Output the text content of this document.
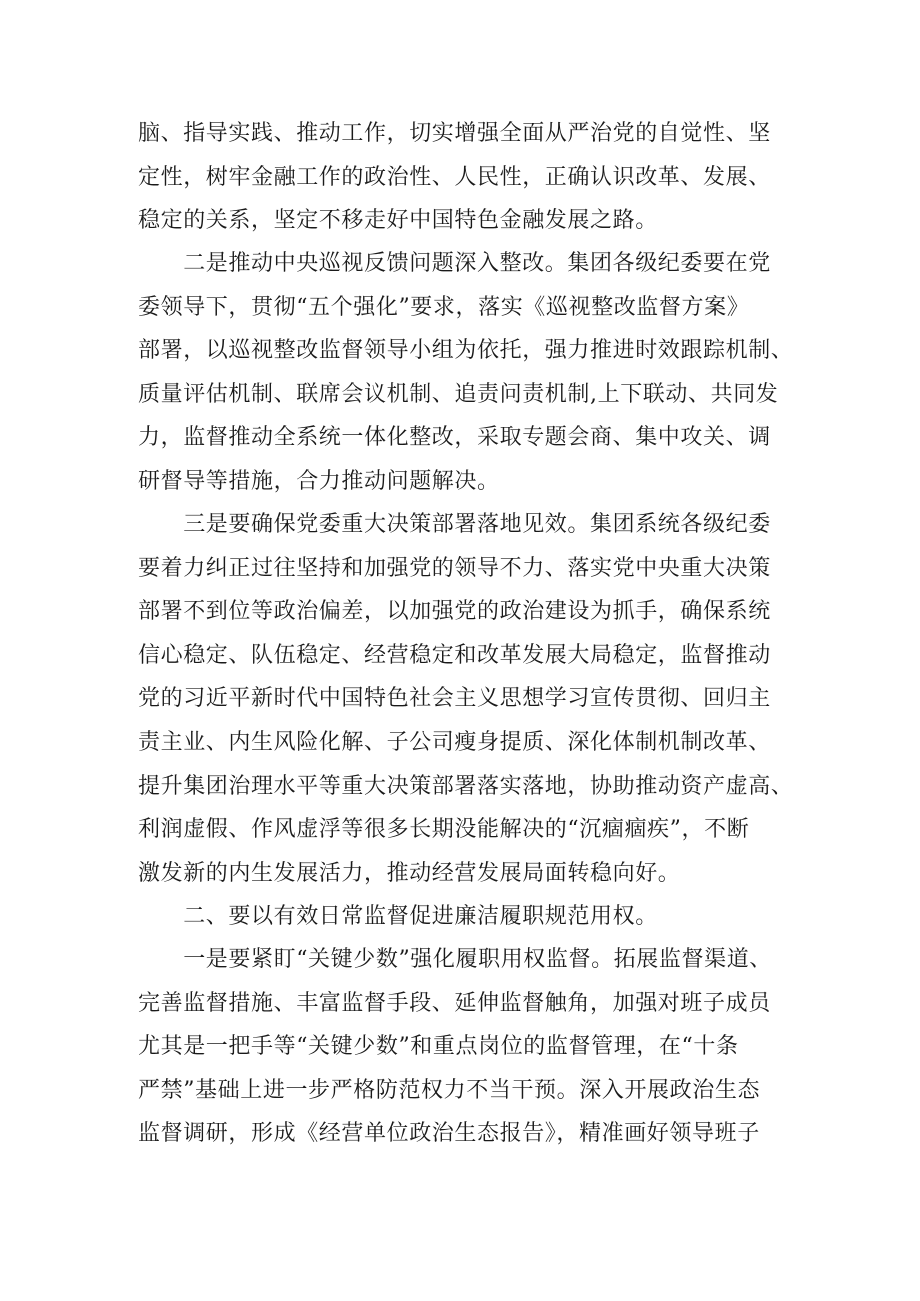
脑、指导实践、推动工作，切实增强全面从严治党的自觉性、坚
定性，树牢金融工作的政治性、人民性，正确认识改革、发展、
稳定的关系，坚定不移走好中国特色金融发展之路。
　　二是推动中央巡视反馈问题深入整改。集团各级纪委要在党
委领导下，贯彻“五个强化”要求，落实《巡视整改监督方案》
部署，以巡视整改监督领导小组为依托，强力推进时效跟踪机制、
质量评估机制、联席会议机制、追责问责机制,上下联动、共同发
力，监督推动全系统一体化整改，采取专题会商、集中攻关、调
研督导等措施，合力推动问题解决。
　　三是要确保党委重大决策部署落地见效。集团系统各级纪委
要着力纠正过往坚持和加强党的领导不力、落实党中央重大决策
部署不到位等政治偏差，以加强党的政治建设为抓手，确保系统
信心稳定、队伍稳定、经营稳定和改革发展大局稳定，监督推动
党的习近平新时代中国特色社会主义思想学习宣传贯彻、回归主
责主业、内生风险化解、子公司瘦身提质、深化体制机制改革、
提升集团治理水平等重大决策部署落实落地，协助推动资产虚高、
利润虚假、作风虚浮等很多长期没能解决的“沉痼痼疾”，不断
激发新的内生发展活力，推动经营发展局面转稳向好。
　　二、要以有效日常监督促进廉洁履职规范用权。
　　一是要紧盯“关键少数”强化履职用权监督。拓展监督渠道、
完善监督措施、丰富监督手段、延伸监督触角，加强对班子成员
尤其是一把手等“关键少数”和重点岗位的监督管理，在“十条
严禁”基础上进一步严格防范权力不当干预。深入开展政治生态
监督调研，形成《经营单位政治生态报告》，精准画好领导班子
